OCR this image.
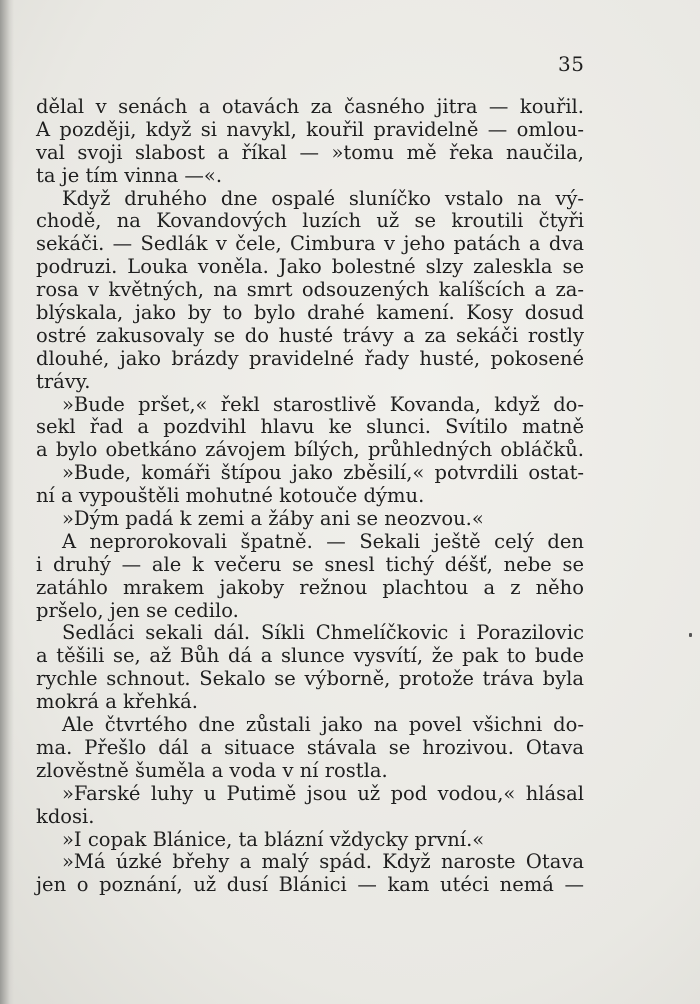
35
dělal v senách a otavách za časného jitra — kouřil.
A později, když si navykl, kouřil pravidelně — omlou-
val svoji slabost a říkal — »tomu mě řeka naučila,
ta je tím vinna —«.
Když druhého dne ospalé sluníčko vstalo na vý-
chodě, na Kovandových luzích už se kroutili čtyři
sekáči. — Sedlák v čele, Cimbura v jeho patách a dva
podruzi. Louka voněla. Jako bolestné slzy zaleskla se
rosa v květných, na smrt odsouzených kalíšcích a za-
blýskala, jako by to bylo drahé kamení. Kosy dosud
ostré zakusovaly se do husté trávy a za sekáči rostly
dlouhé, jako brázdy pravidelné řady husté, pokosené
trávy.
»Bude pršet,« řekl starostlivě Kovanda, když do-
sekl řad a pozdvihl hlavu ke slunci. Svítilo matně
a bylo obetkáno závojem bílých, průhledných obláčků.
»Bude, komáři štípou jako zběsilí,« potvrdili ostat-
ní a vypouštěli mohutné kotouče dýmu.
»Dým padá k zemi a žáby ani se neozvou.«
A neprorokovali špatně. — Sekali ještě celý den
i druhý — ale k večeru se snesl tichý déšť, nebe se
zatáhlo mrakem jakoby režnou plachtou a z něho
pršelo, jen se cedilo.
Sedláci sekali dál. Síkli Chmelíčkovic i Porazilovic
a těšili se, až Bůh dá a slunce vysvítí, že pak to bude
rychle schnout. Sekalo se výborně, protože tráva byla
mokrá a křehká.
Ale čtvrtého dne zůstali jako na povel všichni do-
ma. Přešlo dál a situace stávala se hrozivou. Otava
zlověstně šuměla a voda v ní rostla.
»Farské luhy u Putimě jsou už pod vodou,« hlásal
kdosi.
»I copak Blánice, ta blázní vždycky první.«
»Má úzké břehy a malý spád. Když naroste Otava
jen o poznání, už dusí Blánici — kam utéci nemá —
